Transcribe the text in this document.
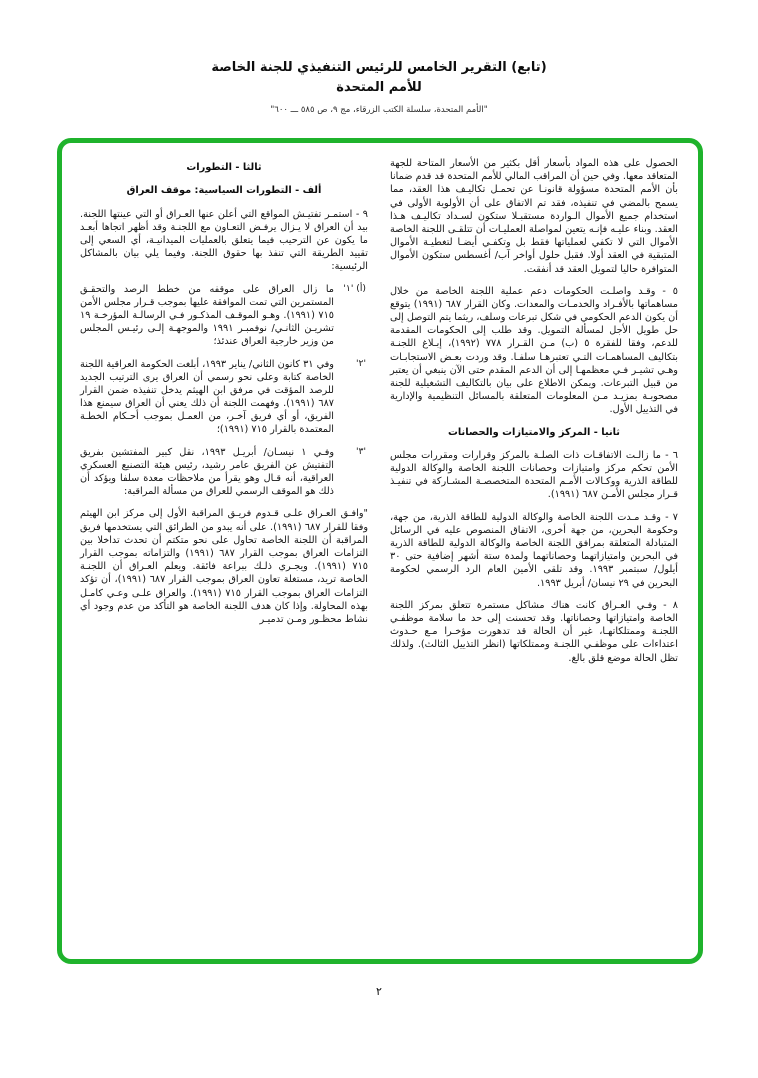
(تابع) التقرير الخامس للرئيس التنفيذي للجنة الخاصة
للأمم المتحدة
"الأمم المتحدة، سلسلة الكتب الزرقاء، مج ٩، ص ٥٨٥ ـــ ٦٠٠"

الحصول على هذه المواد بأسعار أقل بكثير من الأسعار المتاحة للجهة المتعاقد معها. وفي حين أن المراقب المالي للأمم المتحدة قد قدم ضمانا بأن الأمم المتحدة مسؤولة قانونـا عن تحمـل تكاليـف هذا العقد، مما يسمح بالمضي في تنفيذه، فقد تم الاتفاق على أن الأولوية الأولى في استخدام جميع الأموال الـواردة مستقبـلا ستكون لسـداد تكاليـف هـذا العقد. وبناء عليـه فإنـه يتعين لمواصلة العمليـات أن تتلقـى اللجنة الخاصة الأموال التي لا تكفي لعملياتها فقط بل وتكفـي أيضـا لتغطيـة الأموال المتبقية في العقد أولا. فقبل حلول أواخر آب/ أغسطس ستكون الأموال المتوافرة حاليا لتمويل العقد قد أنفقت.

٥ - وقـد واصلـت الحكومات دعم عملية اللجنة الخاصة من خلال مساهماتها بالأفـراد والخدمـات والمعدات. وكان القرار ٦٨٧ (١٩٩١) يتوقع أن يكون الدعم الحكومي في شكل تبرعات وسلف، ريثما يتم التوصل إلى حل طويل الأجل لمسألة التمويل. وقد طلب إلى الحكومات المقدمة للدعم، وفقا للفقرة ٥ (ب) مـن القـرار ٧٧٨ (١٩٩٢)، إبـلاغ اللجنـة بتكاليف المساهمـات التـي تعتبرهـا سلفـا. وقد وردت بعـض الاستجابـات وهـي تشيـر فـي معظمهـا إلى أن الدعم المقدم حتى الآن ينبغي أن يعتبر من قبيل التبرعات. ويمكن الاطلاع على بيان بالتكاليف التشغيلية للجنة مصحوبـة بمزيـد مـن المعلومات المتعلقة بالمسائل التنظيمية والإدارية في التذييل الأول.

ثانيا - المركز والامتيازات والحصانات

٦ - ما زالـت الاتفاقـات ذات الصلـة بالمركز وقرارات ومقررات مجلس الأمن تحكم مركز وامتيازات وحصانات اللجنة الخاصة والوكالة الدولية للطاقة الذرية ووكـالات الأمـم المتحدة المتخصصـة المشـاركة في تنفيـذ قـرار مجلس الأمـن ٦٨٧ (١٩٩١).

٧ - وقـد مـدت اللجنة الخاصة والوكالة الدولية للطاقة الذرية، من جهة، وحكومة البحرين، من جهة أخرى، الاتفاق المنصوص عليه في الرسائل المتبادلة المتعلقة بمرافق اللجنة الخاصة والوكالة الدولية للطاقة الذرية في البحرين وامتيازاتهما وحصاناتهما ولمدة ستة أشهر إضافية حتى ٣٠ أيلول/ سبتمبر ١٩٩٣. وقد تلقى الأمين العام الرد الرسمي لحكومة البحرين في ٢٩ نيسان/ أبريل ١٩٩٣.

٨ - وفـي العـراق كانت هناك مشاكل مستمرة تتعلق بمركز اللجنة الخاصة وامتيازاتها وحصاناتها. وقد تحسنت إلى حد ما سلامة موظفـي اللجنـة وممتلكاتهـا، غير أن الحالة قد تدهورت مؤخـرا مـع حـدوث اعتداءات على موظفـي اللجنـة وممتلكاتها (انظر التذييل الثالث). ولذلك تظل الحالة موضع قلق بالغ.

ثالثا - التطورات
ألف - التطورات السياسية: موقف العراق

٩ - استمـر تفتيـش المواقع التي أعلن عنها العـراق أو التي عينتها اللجنة. بيد أن العراق لا يـزال يرفـض التعـاون مع اللجنـة وقد أظهر اتجاها أبعـد ما يكون عن الترحيب فيما يتعلق بالعمليات الميدانيـة، أي السعي إلى تقييد الطريقة التي تنفذ بها حقوق اللجنة. وفيما يلي بيان بالمشاكل الرئيسية:

(أ) '١'
ما زال العراق على موقفه من خطط الرصد والتحقـق المستمرين التي تمت الموافقة عليها بموجب قـرار مجلس الأمن ٧١٥ (١٩٩١). وهـو الموقـف المذكـور فـي الرسالـة المؤرخـة ١٩ تشريـن الثانـي/ نوفمبـر ١٩٩١ والموجهـة إلـى رئيـس المجلس من وزير خارجية العراق عندئذ؛
'٢'
وفي ٣١ كانون الثاني/ يناير ١٩٩٣، أبلغت الحكومة العراقية اللجنة الخاصة كتابة وعلى نحو رسمي أن العراق يرى الترتيب الجديد للرصد المؤقت في مرفق ابن الهيثم يدخل تنفيذه ضمن القرار ٦٨٧ (١٩٩١). وفهمت اللجنة أن ذلك يعني أن العراق سيمنع هذا الفريق، أو أي فريق آخـر، من العمـل بموجب أحـكام الخطـة المعتمدة بالقرار ٧١٥ (١٩٩١)؛
'٣'
وفـي ١ نيسـان/ أبريـل ١٩٩٣، نقل كبير المفتشين بفريق التفتيش عن الفريق عامر رشيد، رئيس هيئة التصنيع العسكري العراقية، أنه قـال وهو يقرأ من ملاحظات معدة سلفا ويؤكد أن ذلك هو الموقف الرسمي للعراق من مسألة المراقبة:

"وافـق العـراق علـى قـدوم فريـق المراقبة الأول إلى مركز ابن الهيثم وفقا للقرار ٦٨٧ (١٩٩١). على أنه يبدو من الطرائق التي يستخدمها فريق المراقبة أن اللجنة الخاصة تحاول على نحو متكتم أن تحدث تداخلا بين التزامات العراق بموجب القرار ٦٨٧ (١٩٩١) والتزاماته بموجب القرار ٧١٥ (١٩٩١). ويجـري ذلـك ببراعة فائقة. ويعلم العـراق أن اللجنـة الخاصة تريد، مستغلة تعاون العراق بموجب القرار ٦٨٧ (١٩٩١)، أن تؤكد التزامات العراق بموجب القرار ٧١٥ (١٩٩١). والعراق علـى وعـي كامـل بهذه المحاولة. وإذا كان هدف اللجنة الخاصة هو التأكد من عدم وجود أي نشاط محظـور ومـن تدميـر

٢
